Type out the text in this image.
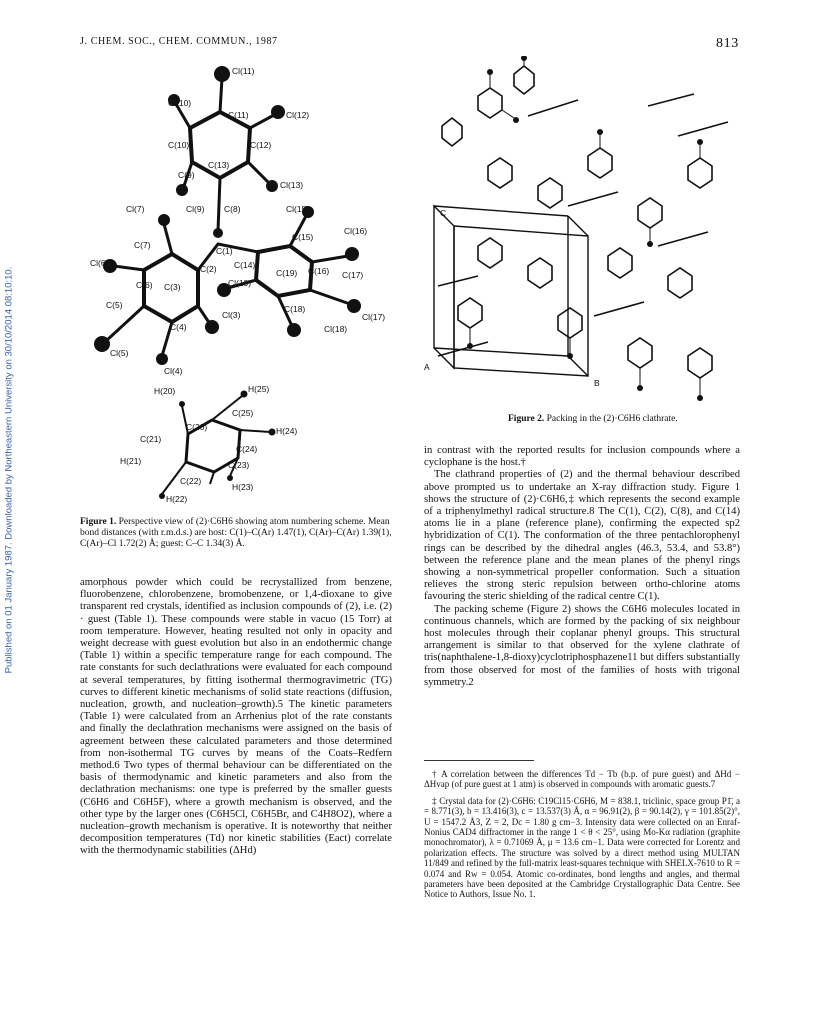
J. CHEM. SOC., CHEM. COMMUN., 1987	813
Published on 01 January 1987. Downloaded by Northeastern University on 30/10/2014 08:10:10.
Cl(11)
Cl(10)
C(11)	Cl(12)
C(10)	C(12)
C(13)
C(9)
Cl(13)
Cl(7)	Cl(9) C(8)	Cl(15)
Cl(16)
C(15)
C(7)
C(1)
Cl(6)	C(14)
C(2)	C(19) C(16) C(17)
C(6) C(3)	Cl(19)
C(5)	C(18)
Cl(17)
Cl(3)
C(4)	Cl(18)
Cl(5)
Cl(4)
H(20)	H(25)
C(25)
C(20)	H(24)
C(21)
C(24)
H(21)	C(23)
C(22)
H(23)
H(22)
Figure 1. Perspective view of (2)·C6H6 showing atom numbering scheme. Mean bond distances (with r.m.d.s.) are host: C(1)–C(Ar) 1.47(1), C(Ar)–C(Ar) 1.39(1), C(Ar)–Cl 1.72(2) Å; guest: C–C 1.34(3) Å.

amorphous powder which could be recrystallized from benzene, fluorobenzene, chlorobenzene, bromobenzene, or 1,4-dioxane to give transparent red crystals, identified as inclusion compounds of (2), i.e. (2) · guest (Table 1). These compounds were stable in vacuo (15 Torr) at room temperature. However, heating resulted not only in opacity and weight decrease with guest evolution but also in an endothermic change (Table 1) within a specific temperature range for each compound. The rate constants for such declathrations were evaluated for each compound at several temperatures, by fitting isothermal thermogravimetric (TG) curves to different kinetic mechanisms of solid state reactions (diffusion, nucleation, growth, and nucleation–growth).5 The kinetic parameters (Table 1) were calculated from an Arrhenius plot of the rate constants and finally the declathration mechanisms were assigned on the basis of agreement between these calculated parameters and those determined from non-isothermal TG curves by means of the Coats–Redfern method.6 Two types of thermal behaviour can be differentiated on the basis of thermodynamic and kinetic parameters and also from the declathration mechanisms: one type is preferred by the smaller guests (C6H6 and C6H5F), where a growth mechanism is observed, and the other type by the larger ones (C6H5Cl, C6H5Br, and C4H8O2), where a nucleation–growth mechanism is operative. It is noteworthy that neither decomposition temperatures (Td) nor kinetic stabilities (Eact) correlate with the thermodynamic stabilities (ΔHd)

A
B
C
Figure 2. Packing in the (2)·C6H6 clathrate.

in contrast with the reported results for inclusion compounds where a cyclophane is the host.†

The clathrand properties of (2) and the thermal behaviour described above prompted us to undertake an X-ray diffraction study. Figure 1 shows the structure of (2)·C6H6,‡ which represents the second example of a triphenylmethyl radical structure.8 The C(1), C(2), C(8), and C(14) atoms lie in a plane (reference plane), confirming the expected sp2 hybridization of C(1). The conformation of the three pentachlorophenyl rings can be described by the dihedral angles (46.3, 53.4, and 53.8°) between the reference plane and the mean planes of the phenyl rings showing a non-symmetrical propeller conformation. Such a situation relieves the strong steric repulsion between ortho-chlorine atoms favouring the steric shielding of the radical centre C(1).

The packing scheme (Figure 2) shows the C6H6 molecules located in continuous channels, which are formed by the packing of six neighbour host molecules through their coplanar phenyl groups. This structural arrangement is similar to that observed for the xylene clathrate of tris(naphthalene-1,8-dioxy)cyclotriphosphazene11 but differs substantially from those observed for most of the families of hosts with trigonal symmetry.2

† A correlation between the differences Td − Tb (b.p. of pure guest) and ΔHd − ΔHvap (of pure guest at 1 atm) is observed in compounds with aromatic guests.7

‡ Crystal data for (2)·C6H6: C19Cl15·C6H6, M = 838.1, triclinic, space group P1̄, a = 8.771(3), b = 13.416(3), c = 13.537(3) Å, α = 96.91(2), β = 90.14(2), γ = 101.85(2)°, U = 1547.2 Å3, Z = 2, Dc = 1.80 g cm−3. Intensity data were collected on an Enraf-Nonius CAD4 diffractomer in the range 1 < θ < 25°, using Mo-Kα radiation (graphite monochromator), λ = 0.71069 Å, μ = 13.6 cm−1. Data were corrected for Lorentz and polarization effects. The structure was solved by a direct method using MULTAN 11/849 and refined by the full-matrix least-squares technique with SHELX-7610 to R = 0.074 and Rw = 0.054. Atomic co-ordinates, bond lengths and angles, and thermal parameters have been deposited at the Cambridge Crystallographic Data Centre. See Notice to Authors, Issue No. 1.
